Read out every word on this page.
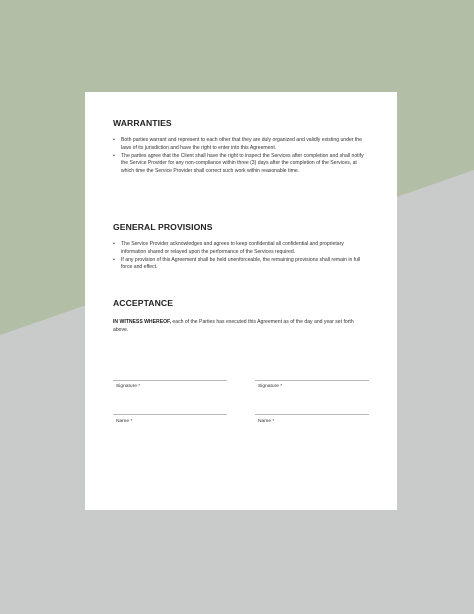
WARRANTIES
• Both parties warrant and represent to each other that they are duly organized and validly existing under the laws of its jurisdiction and have the right to enter into this Agreement.
• The parties agree that the Client shall have the right to inspect the Services after completion and shall notify the Service Provider for any non-compliance within three (3) days after the completion of the Services, at which time the Service Provider shall correct such work within reasonable time.
GENERAL PROVISIONS
• The Service Provider acknowledges and agrees to keep confidential all confidential and proprietary information shared or relayed upon the performance of the Services required.
• If any provision of this Agreement shall be held unenforceable, the remaining provisions shall remain in full force and effect.
ACCEPTANCE
IN WITNESS WHEREOF, each of the Parties has executed this Agreement as of the day and year set forth above.
Signature *	Signature *
Name *	Name *
